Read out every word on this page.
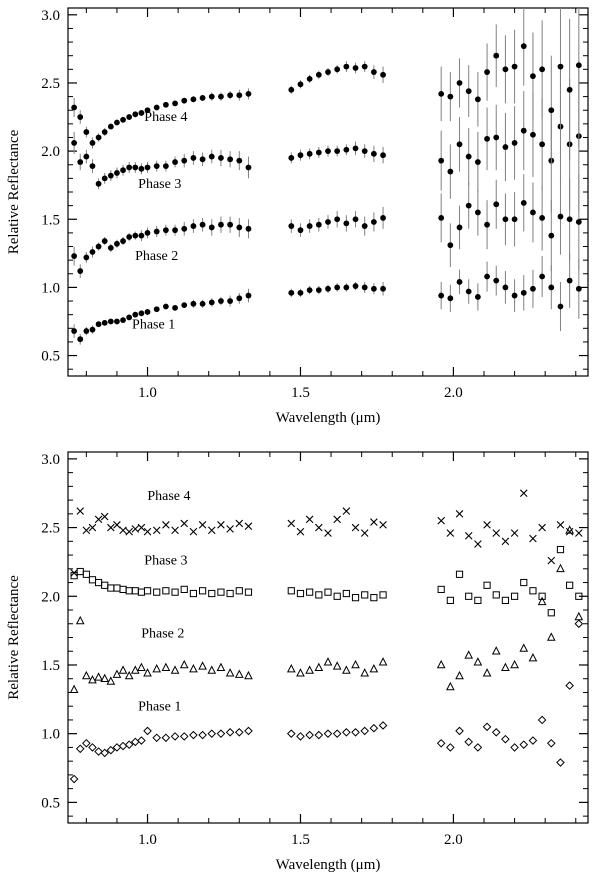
1.0	1.5	2.0
0.5
1.0
1.5
2.0
2.5
3.0
Wavelength (μm)
Relative Reflectance
Phase 4
Phase 3
Phase 2
Phase 1
1.0	1.5	2.0
0.5
1.0
1.5
2.0
2.5
3.0
Wavelength (μm)
Relative Reflectance
Phase 4
Phase 3
Phase 2
Phase 1
